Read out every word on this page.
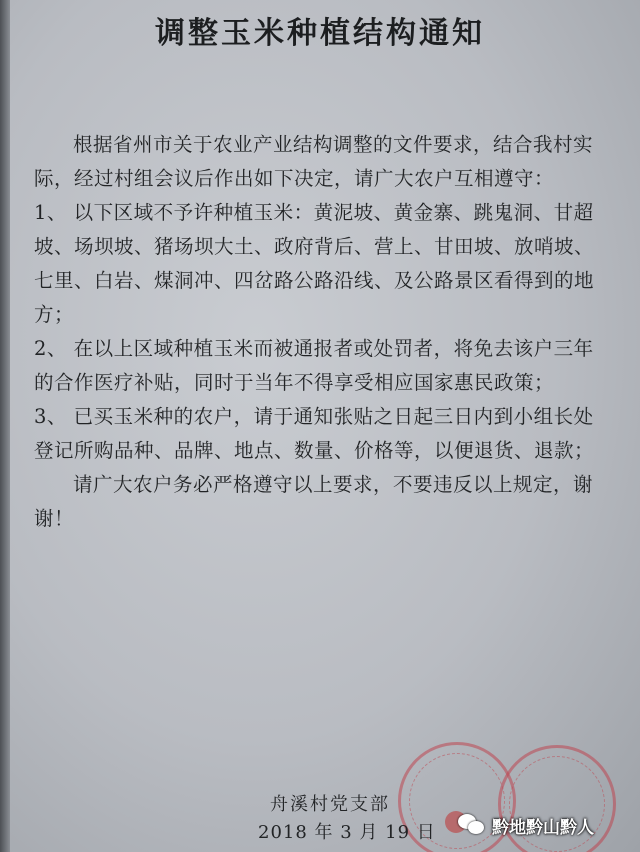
调整玉米种植结构通知

根据省州市关于农业产业结构调整的文件要求，结合我村实际，经过村组会议后作出如下决定，请广大农户互相遵守：

1、 以下区域不予许种植玉米：黄泥坡、黄金寨、跳鬼洞、甘超坡、场坝坡、猪场坝大土、政府背后、营上、甘田坡、放哨坡、七里、白岩、煤洞冲、四岔路公路沿线、及公路景区看得到的地方；

2、 在以上区域种植玉米而被通报者或处罚者，将免去该户三年的合作医疗补贴，同时于当年不得享受相应国家惠民政策；

3、 已买玉米种的农户，请于通知张贴之日起三日内到小组长处登记所购品种、品牌、地点、数量、价格等，以便退货、退款；

请广大农户务必严格遵守以上要求，不要违反以上规定，谢谢！

舟溪村党支部
2018 年 3 月 19 日	黔地黔山黔人
